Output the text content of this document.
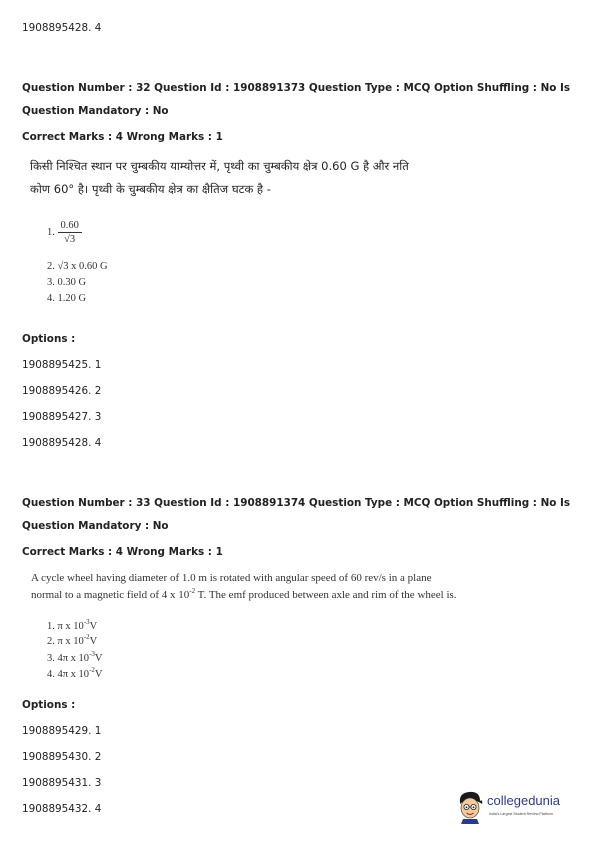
1908895428. 4
Question Number : 32 Question Id : 1908891373 Question Type : MCQ Option Shuffling : No Is
Question Mandatory : No
Correct Marks : 4 Wrong Marks : 1
किसी निश्चित स्थान पर चुम्बकीय याम्योत्तर में, पृथ्वी का चुम्बकीय क्षेत्र 0.60 G है और नति
कोण 60° है। पृथ्वी के चुम्बकीय क्षेत्र का क्षैतिज घटक है -
1. $\frac{0.60}{√3}$
2. √3 x 0.60 G
3. 0.30 G
4. 1.20 G
Options :
1908895425. 1
1908895426. 2
1908895427. 3
1908895428. 4
Question Number : 33 Question Id : 1908891374 Question Type : MCQ Option Shuffling : No Is
Question Mandatory : No
Correct Marks : 4 Wrong Marks : 1
A cycle wheel having diameter of 1.0 m is rotated with angular speed of 60 rev/s in a plane
normal to a magnetic field of 4 x $10^{-2}$ T. The emf produced between axle and rim of the wheel is.
1. π x $10^{-3}V$
2. π x $10^{-2}V$
3. 4π x $10^{-3}V$
4. 4π x $10^{-2}V$
Options :
1908895429. 1
1908895430. 2
1908895431. 3
1908895432. 4
collegedunia
India's Largest Student Review Platform
